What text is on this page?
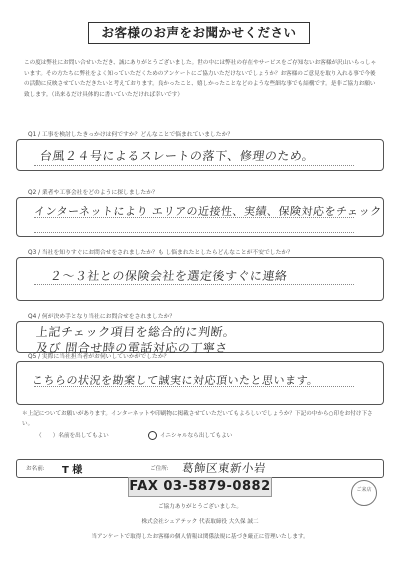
お客様のお声をお聞かせください
この度は弊社にお問い合せいただき、誠にありがとうございました。世の中には弊社の存在やサービスをご存知ないお客様が沢山いらっしゃいます。その方たちに弊社をよく知っていただくためのアンケートにご協力いただけないでしょうか？お客様のご意見を取り入れる事で今後の活動に反映させていただきたいと考えております。良かったこと、嬉しかったことなどのような些細な事でも結構です。是非ご協力お願い致します。（出来るだけ具体的に書いていただければ幸いです）
Q1 / 工事を検討したきっかけは何ですか？どんなことで悩まれていましたか？
台風２４号によるスレートの落下、修理のため。
Q2 / 業者や工事会社をどのように探しましたか？
インターネットにより エリアの近接性、実績、保険対応をチェック
Q3 / 当社を知りすぐにお問合せをされましたか？も し悩まれたとしたらどんなことが不安でしたか？
２～３社との保険会社を選定後すぐに連絡
Q4 / 何が決め手となり当社にお問合せをされましたか？
上記チェック項目を総合的に判断。
及び 問合せ時の電話対応の丁寧さ
Q5 / 実際に当社担当者がお伺いしていかがでしたか？
こちらの状況を勘案して誠実に対応頂いたと思います。
＊上記についてお願いがあります。インターネットや印刷物に掲載させていただいてもよろしいでしょうか？下記の中から○印をお付け下さい。
（　　）名前を出してもよい	イニシャルなら出してもよい
お名前: T 様	ご住所: 葛飾区東新小岩
FAX 03-5879-0882	ご来店
ご協力ありがとうございました。
株式会社シェアテック 代表取締役 大久保 誠二
当アンケートで取得したお客様の個人情報は関係法規に基づき厳正に管理いたします。
